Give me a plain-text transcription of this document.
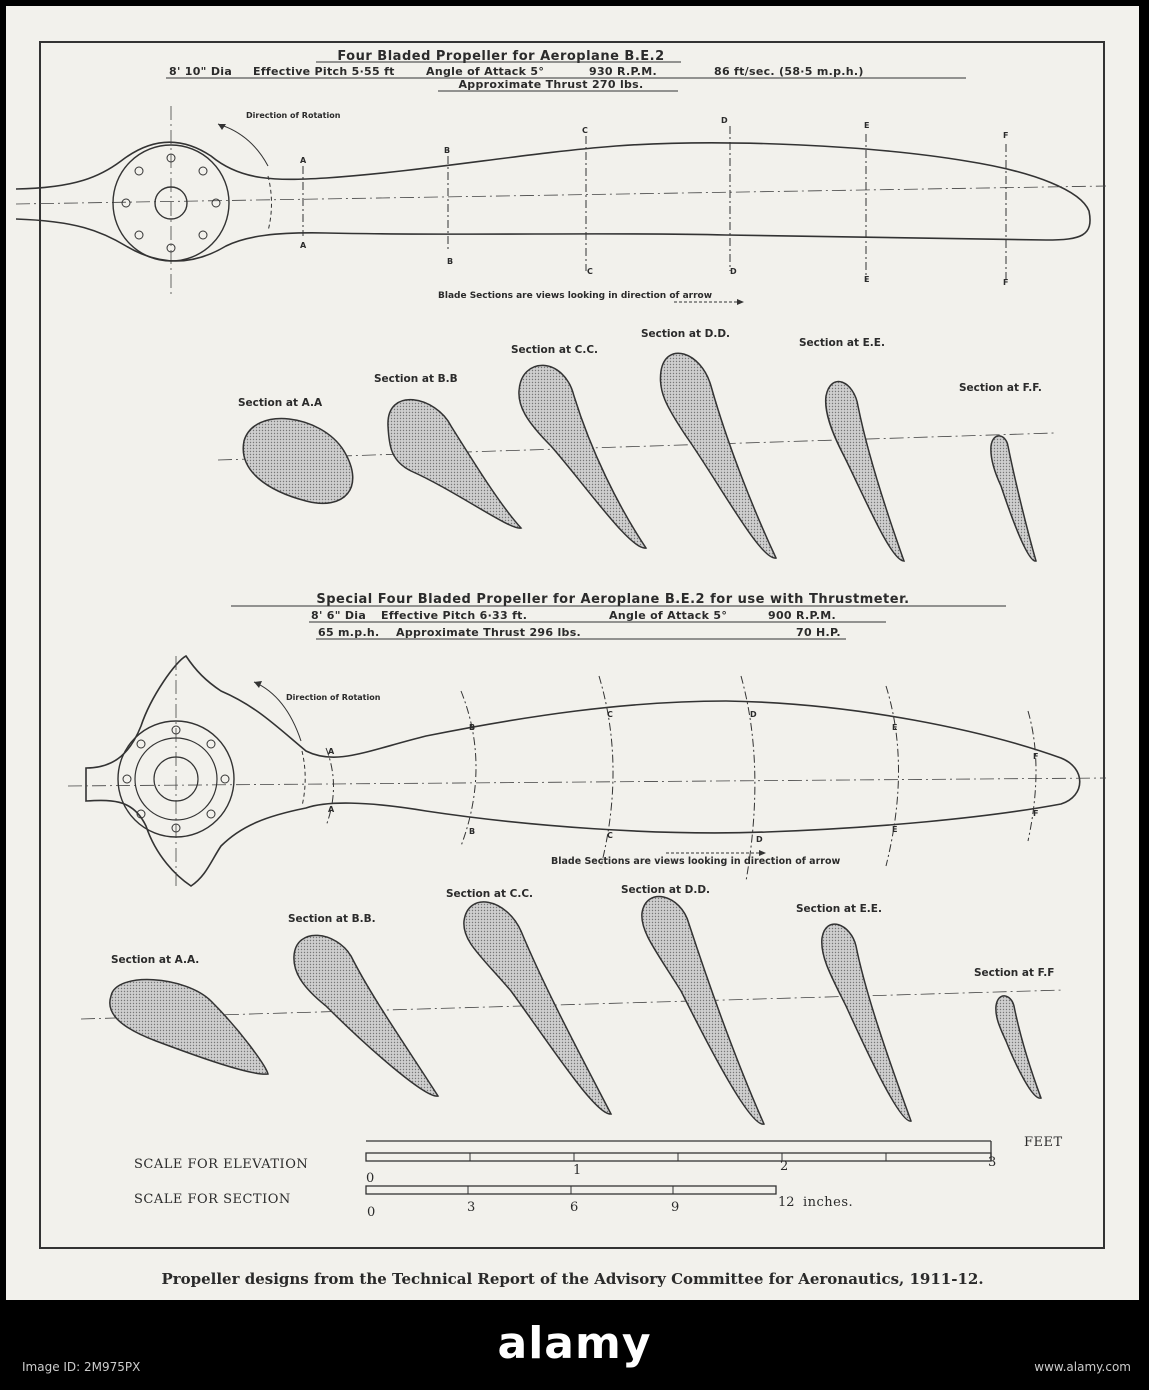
Four Bladed Propeller for Aeroplane B.E.2
8' 10" Dia Effective Pitch 5·55 ft	Angle of Attack 5°	930 R.P.M.	86 ft/sec. (58·5 m.p.h.)
Approximate Thrust 270 lbs.
Direction of Rotation
A
A
B
B
C
C
D
D
E
E
F
F
Blade Sections are views looking in direction of arrow
Section at A.A
Section at B.B
Section at C.C.
Section at D.D.
Section at E.E.
Section at F.F.
Special Four Bladed Propeller for Aeroplane B.E.2 for use with Thrustmeter.
8' 6" Dia Effective Pitch 6·33 ft.	Angle of Attack 5°	900 R.P.M.
65 m.p.h. Approximate Thrust 296 lbs.	70 H.P.
Direction of Rotation
A
A
B
B
C
C
D
D
E
E
F
F
Blade Sections are views looking in direction of arrow
Section at A.A.
Section at B.B.
Section at C.C.	Section at D.D.
Section at E.E.
Section at F.F
SCALE FOR ELEVATION
SCALE FOR SECTION
FEET
0
1	2	3
0	3	6	9	12 inches.
Propeller designs from the Technical Report of the Advisory Committee for Aeronautics, 1911-12.
alamy
Image ID: 2M975PX	www.alamy.com
